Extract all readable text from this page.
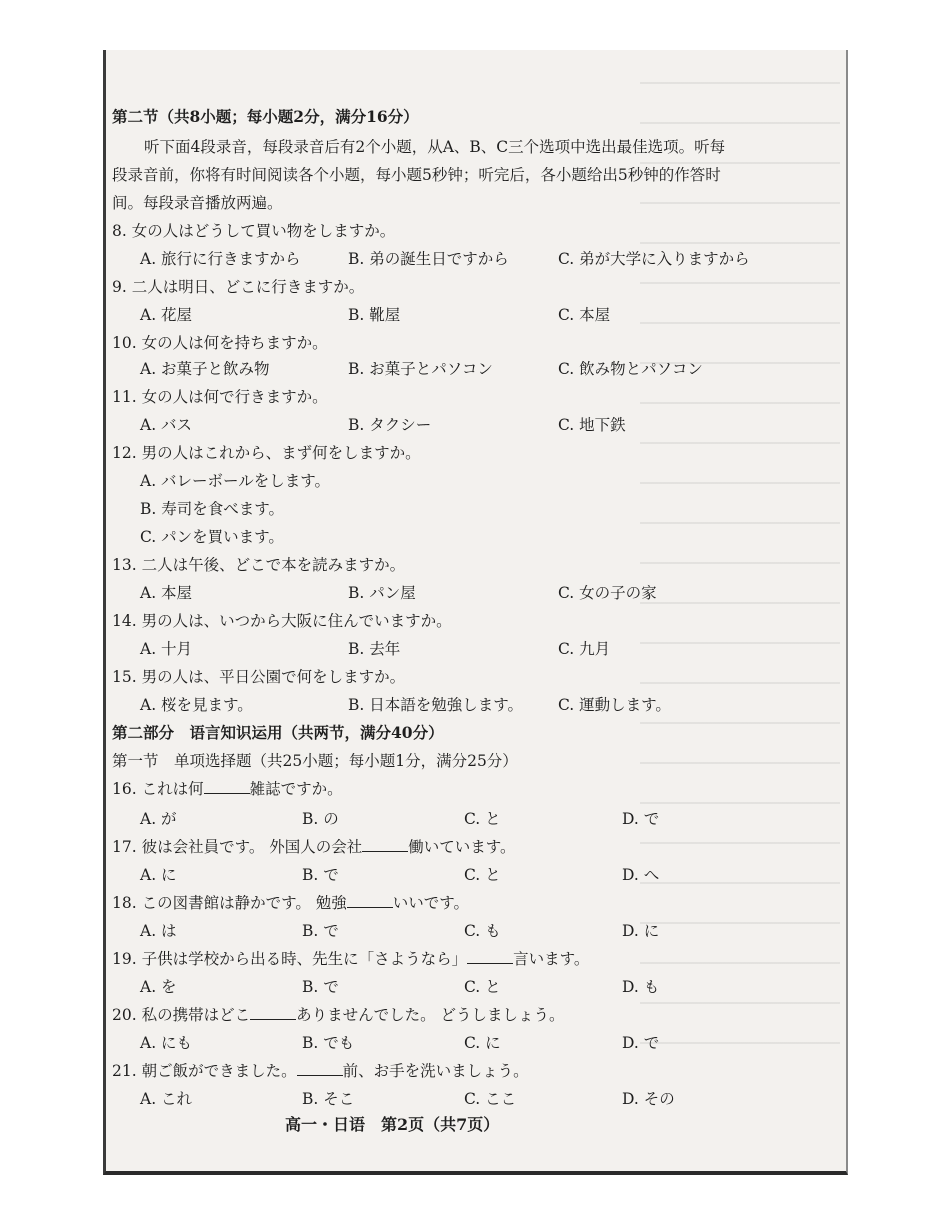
第二节（共8小题；每小题2分，满分16分）
听下面4段录音，每段录音后有2个小题，从A、B、C三个选项中选出最佳选项。听每
段录音前，你将有时间阅读各个小题，每小题5秒钟；听完后，各小题给出5秒钟的作答时
间。每段录音播放两遍。
8. 女の人はどうして買い物をしますか。
A. 旅行に行きますから	B. 弟の誕生日ですから	C. 弟が大学に入りますから
9. 二人は明日、どこに行きますか。
A. 花屋	B. 靴屋	C. 本屋
10. 女の人は何を持ちますか。
A. お菓子と飲み物	B. お菓子とパソコン	C. 飲み物とパソコン
11. 女の人は何で行きますか。
A. バス	B. タクシー	C. 地下鉄
12. 男の人はこれから、まず何をしますか。
A. バレーボールをします。
B. 寿司を食べます。
C. パンを買います。
13. 二人は午後、どこで本を読みますか。
A. 本屋	B. パン屋	C. 女の子の家
14. 男の人は、いつから大阪に住んでいますか。
A. 十月	B. 去年	C. 九月
15. 男の人は、平日公園で何をしますか。
A. 桜を見ます。	B. 日本語を勉強します。 C. 運動します。
第二部分　语言知识运用（共两节，满分40分）
第一节　单项选择题（共25小题；每小题1分，满分25分）
16. これは何	雑誌ですか。
A. が	B. の	C. と	D. で
17. 彼は会社員です。 外国人の会社	働いています。
A. に	B. で	C. と	D. へ
18. この図書館は静かです。 勉強	いいです。
A. は	B. で	C. も	D. に
19. 子供は学校から出る時、先生に「さようなら」	言います。
A. を	B. で	C. と	D. も
20. 私の携帯はどこ	ありませんでした。 どうしましょう。
A. にも	B. でも	C. に	D. で
21. 朝ご飯ができました。	前、お手を洗いましょう。
A. これ	B. そこ	C. ここ	D. その
高一・日语　第2页（共7页）
